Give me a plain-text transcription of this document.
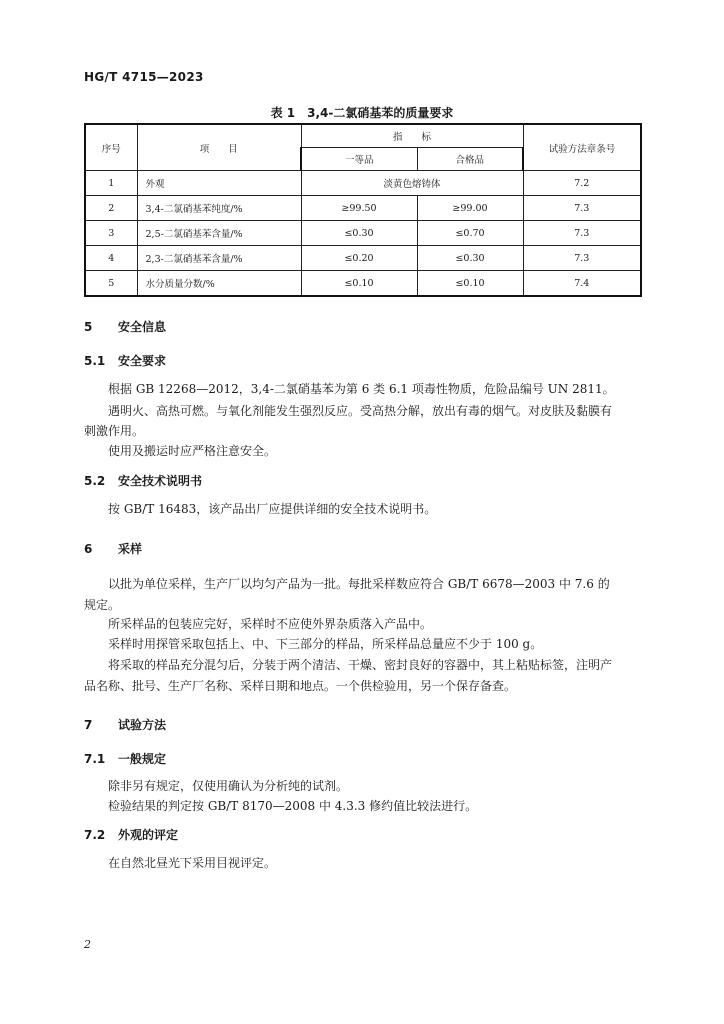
HG/T 4715—2023
表 1　3,4-二氯硝基苯的质量要求
序号	项　　目	指　　标		试验方法章条号
		一等品	合格品	
1	外观	淡黄色熔铸体		7.2
2	3,4-二氯硝基苯纯度/%	≥99.50	≥99.00	7.3
3	2,5-二氯硝基苯含量/%	≤0.30	≤0.70	7.3
4	2,3-二氯硝基苯含量/%	≤0.20	≤0.30	7.3
5	水分质量分数/%	≤0.10	≤0.10	7.4
5 安全信息
5.1 安全要求
根据 GB 12268—2012，3,4-二氯硝基苯为第 6 类 6.1 项毒性物质，危险品编号 UN 2811。
遇明火、高热可燃。与氧化剂能发生强烈反应。受高热分解，放出有毒的烟气。对皮肤及黏膜有
刺激作用。
使用及搬运时应严格注意安全。
5.2 安全技术说明书
按 GB/T 16483，该产品出厂应提供详细的安全技术说明书。
6 采样
以批为单位采样，生产厂以均匀产品为一批。每批采样数应符合 GB/T 6678—2003 中 7.6 的
规定。
所采样品的包装应完好，采样时不应使外界杂质落入产品中。
采样时用探管采取包括上、中、下三部分的样品，所采样品总量应不少于 100 g。
将采取的样品充分混匀后，分装于两个清洁、干燥、密封良好的容器中，其上粘贴标签，注明产
品名称、批号、生产厂名称、采样日期和地点。一个供检验用，另一个保存备查。
7 试验方法
7.1 一般规定
除非另有规定，仅使用确认为分析纯的试剂。
检验结果的判定按 GB/T 8170—2008 中 4.3.3 修约值比较法进行。
7.2 外观的评定
在自然北昼光下采用目视评定。
2
